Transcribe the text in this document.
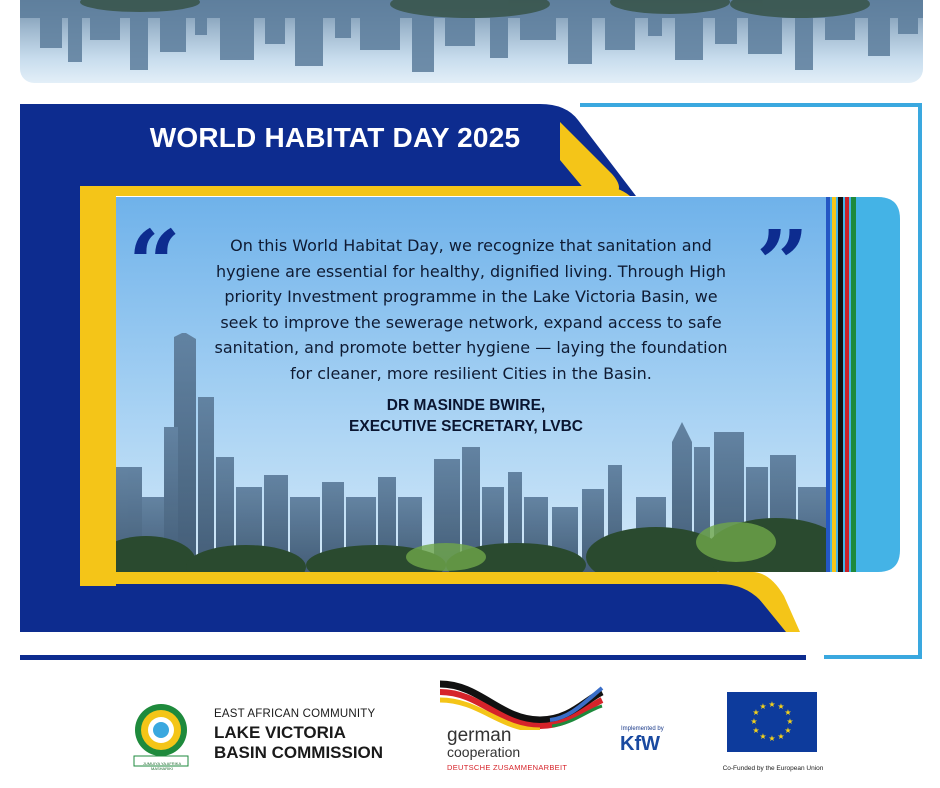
WORLD HABITAT DAY 2025
“	”
On this World Habitat Day, we recognize that sanitation and hygiene are essential for healthy, dignified living. Through High priority Investment programme in the Lake Victoria Basin, we seek to improve the sewerage network, expand access to safe sanitation, and promote better hygiene — laying the foundation for cleaner, more resilient Cities in the Basin.
DR MASINDE BWIRE,
EXECUTIVE SECRETARY, LVBC
JUMUIYA YA AFRIKA MASHARIKI
EAST AFRICAN COMMUNITY
LAKE VICTORIA
BASIN COMMISSION
german
cooperation
DEUTSCHE ZUSAMMENARBEIT
Implemented by
KfW
★ ★
★
★
★
★
★
★
★
★
★
★
Co-Funded by the European Union
